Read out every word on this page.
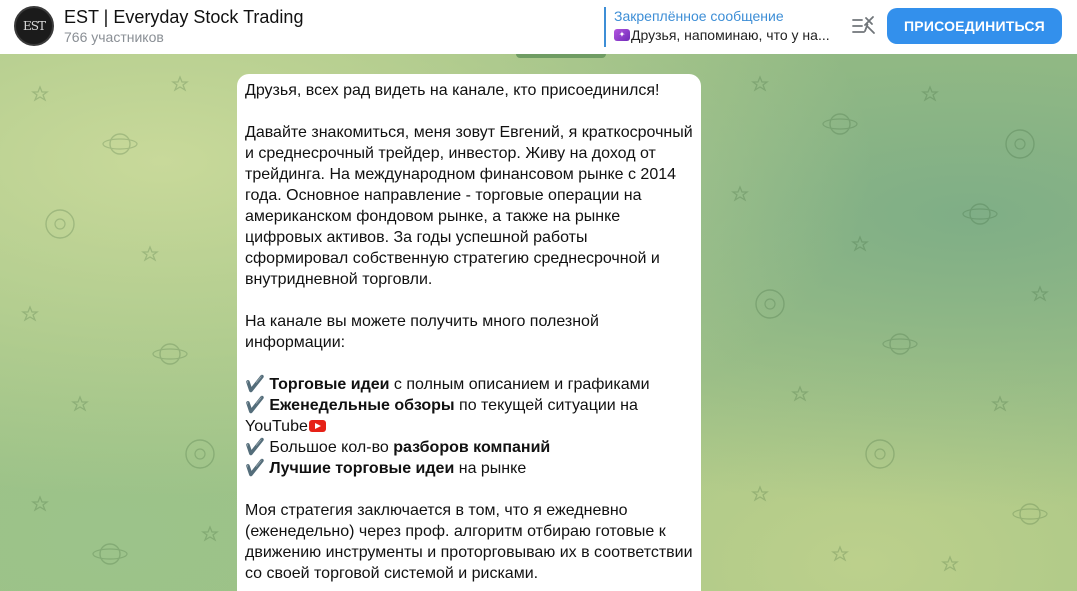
EST	EST | Everyday Stock Trading
766 участников
Закреплённое сообщение
✦ Друзья, напоминаю, что у на...
ПРИСОЕДИНИТЬСЯ
Друзья, всех рад видеть на канале, кто присоединился!
Давайте знакомиться, меня зовут Евгений, я краткосрочный и среднесрочный трейдер, инвестор. Живу на доход от трейдинга. На международном финансовом рынке с 2014 года. Основное направление - торговые операции на американском фондовом рынке, а также на рынке цифровых активов. За годы успешной работы сформировал собственную стратегию среднесрочной и внутридневной торговли.
На канале вы можете получить много полезной информации:
✔️ Торговые идеи с полным описанием и графиками
✔️ Еженедельные обзоры по текущей ситуации на YouTube
✔️ Большое кол-во разборов компаний
✔️ Лучшие торговые идеи на рынке
Моя стратегия заключается в том, что я ежедневно (еженедельно) через проф. алгоритм отбираю готовые к движению инструменты и проторговываю их в соответствии со своей торговой системой и рисками.
